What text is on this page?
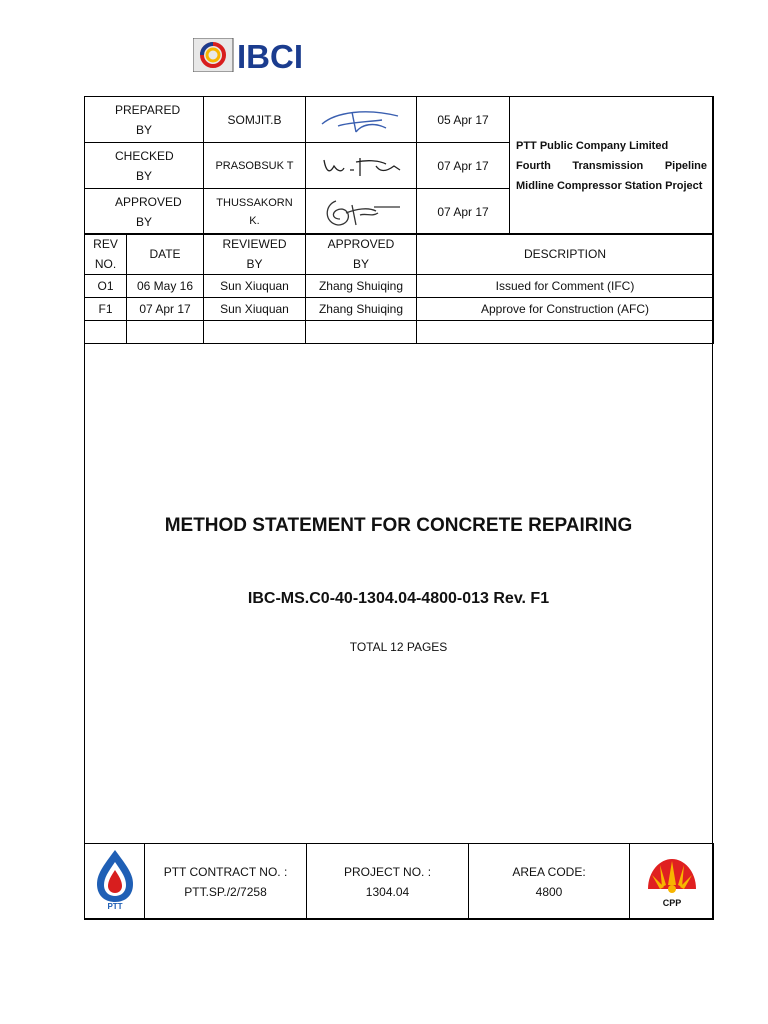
IBCI
PREPARED BY	SOMJIT.B		05 Apr 17	PTT Public Company Limited
Fourth Transmission Pipeline Midline Compressor Station Project

CHECKED BY	PRASOBSUK T		07 Apr 17	
APPROVED BY	THUSSAKORN K.		07 Apr 17	
REV NO.	DATE	REVIEWED BY	APPROVED BY	DESCRIPTION
O1	06 May 16	Sun Xiuquan	Zhang Shuiqing	Issued for Comment (IFC)
F1	07 Apr 17	Sun Xiuquan	Zhang Shuiqing	Approve for Construction (AFC)

METHOD STATEMENT FOR CONCRETE REPAIRING
IBC-MS.C0-40-1304.04-4800-013 Rev. F1
TOTAL 12 PAGES
PTT

PTT CONTRACT NO. :
PTT.SP./2/7258

PROJECT NO. :
1304.04

AREA CODE:
4800

CPP
